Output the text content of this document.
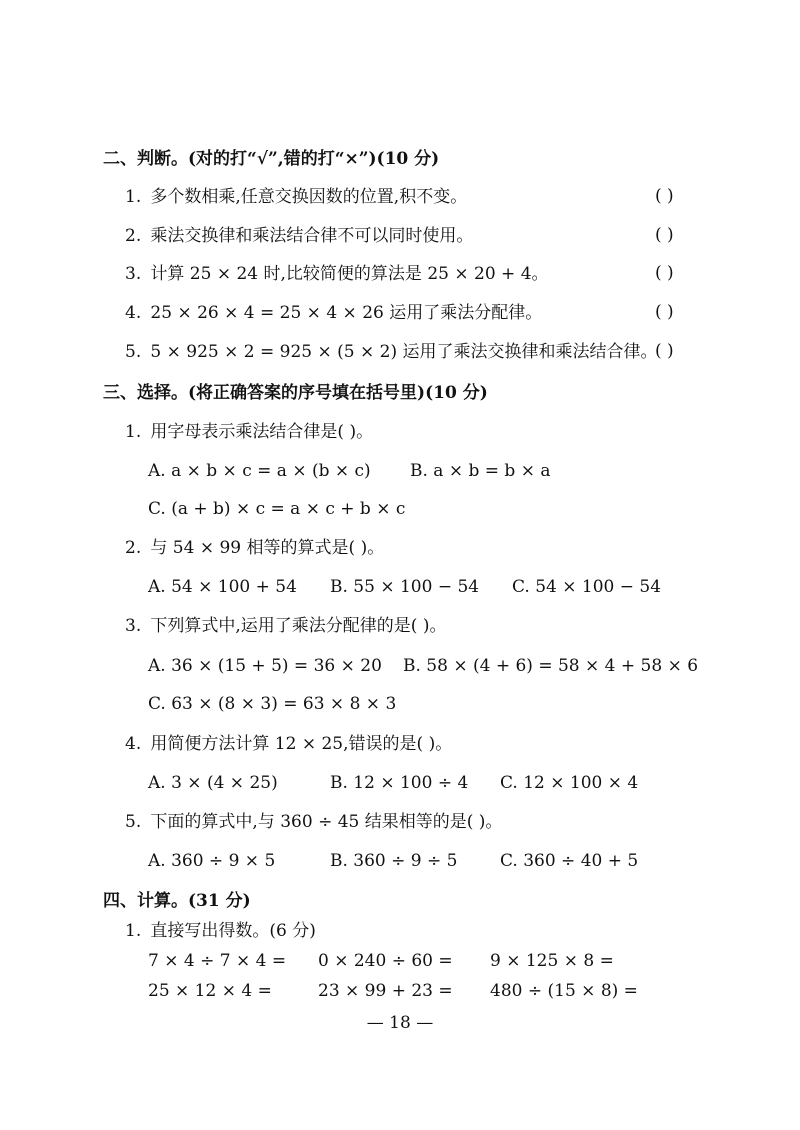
二、判断。(对的打“√”,错的打“×”)(10 分)
1. 多个数相乘,任意交换因数的位置,积不变。	( )
2. 乘法交换律和乘法结合律不可以同时使用。	( )
3. 计算 25 × 24 时,比较简便的算法是 25 × 20 + 4。	( )
4. 25 × 26 × 4 = 25 × 4 × 26 运用了乘法分配律。	( )
5. 5 × 925 × 2 = 925 × (5 × 2) 运用了乘法交换律和乘法结合律。
( )
三、选择。(将正确答案的序号填在括号里)(10 分)
1. 用字母表示乘法结合律是( )。
A. a × b × c = a × (b × c) B. a × b = b × a
C. (a + b) × c = a × c + b × c
2. 与 54 × 99 相等的算式是( )。
A. 54 × 100 + 54 B. 55 × 100 − 54 C. 54 × 100 − 54
3. 下列算式中,运用了乘法分配律的是( )。
A. 36 × (15 + 5) = 36 × 20 B. 58 × (4 + 6) = 58 × 4 + 58 × 6
C. 63 × (8 × 3) = 63 × 8 × 3
4. 用简便方法计算 12 × 25,错误的是( )。
A. 3 × (4 × 25)	B. 12 × 100 ÷ 4 C. 12 × 100 × 4
5. 下面的算式中,与 360 ÷ 45 结果相等的是( )。
A. 360 ÷ 9 × 5	B. 360 ÷ 9 ÷ 5	C. 360 ÷ 40 + 5
四、计算。(31 分)
1. 直接写出得数。(6 分)
7 × 4 ÷ 7 × 4 = 0 × 240 ÷ 60 = 9 × 125 × 8 =
25 × 12 × 4 =	23 × 99 + 23 = 480 ÷ (15 × 8) =
— 18 —
